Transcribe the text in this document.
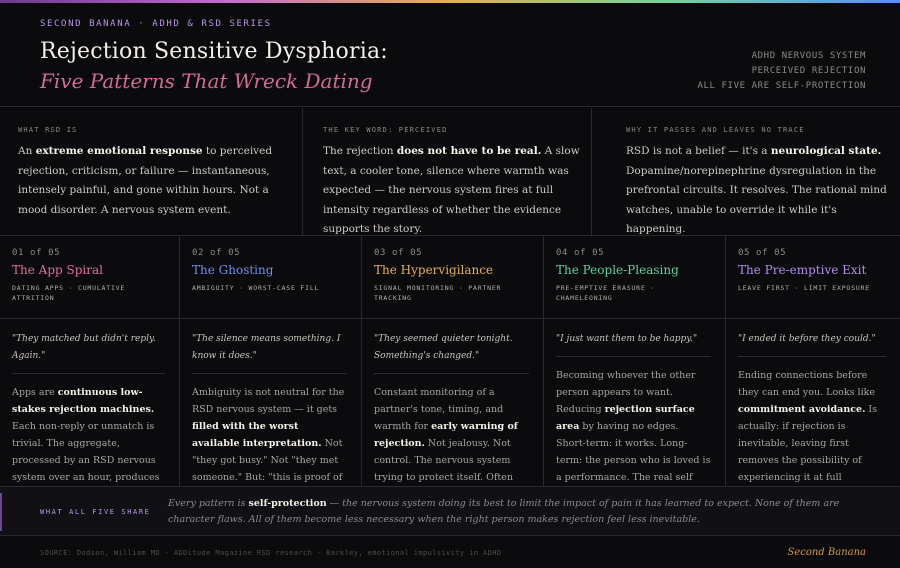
SECOND BANANA · ADHD & RSD SERIES
Rejection Sensitive Dysphoria:
Five Patterns That Wreck Dating
ADHD NERVOUS SYSTEM
PERCEIVED REJECTION
ALL FIVE ARE SELF-PROTECTION
WHAT RSD IS
An extreme emotional response to perceived rejection, criticism, or failure — instantaneous, intensely painful, and gone within hours. Not a mood disorder. A nervous system event.
THE KEY WORD: PERCEIVED
The rejection does not have to be real. A slow text, a cooler tone, silence where warmth was expected — the nervous system fires at full intensity regardless of whether the evidence supports the story.
WHY IT PASSES AND LEAVES NO TRACE
RSD is not a belief — it's a neurological state. Dopamine/norepinephrine dysregulation in the prefrontal circuits. It resolves. The rational mind watches, unable to override it while it's happening.
01 of 05
The App Spiral
DATING APPS · CUMULATIVE ATTRITION
"They matched but didn't reply. Again."
Apps are continuous low-stakes rejection machines. Each non-reply or unmatch is trivial. The aggregate, processed by an RSD nervous system over an hour, produces
02 of 05
The Ghosting
AMBIGUITY · WORST-CASE FILL
"The silence means something. I know it does."
Ambiguity is not neutral for the RSD nervous system — it gets filled with the worst available interpretation. Not "they got busy." Not "they met someone." But: "this is proof of
03 of 05
The Hypervigilance
SIGNAL MONITORING · PARTNER TRACKING
"They seemed quieter tonight. Something's changed."
Constant monitoring of a partner's tone, timing, and warmth for early warning of rejection. Not jealousy. Not control. The nervous system trying to protect itself. Often
04 of 05
The People-Pleasing
PRE-EMPTIVE ERASURE · CHAMELEONING
"I just want them to be happy."
Becoming whoever the other person appears to want. Reducing rejection surface area by having no edges. Short-term: it works. Long-term: the person who is loved is a performance. The real self
05 of 05
The Pre-emptive Exit
LEAVE FIRST · LIMIT EXPOSURE
"I ended it before they could."
Ending connections before they can end you. Looks like commitment avoidance. Is actually: if rejection is inevitable, leaving first removes the possibility of experiencing it at full
WHAT ALL FIVE SHARE
Every pattern is self-protection — the nervous system doing its best to limit the impact of pain it has learned to expect. None of them are character flaws. All of them become less necessary when the right person makes rejection feel less inevitable.
SOURCE: Dodson, William MD · ADDitude Magazine RSD research · Barkley, emotional impulsivity in ADHD	Second Banana
